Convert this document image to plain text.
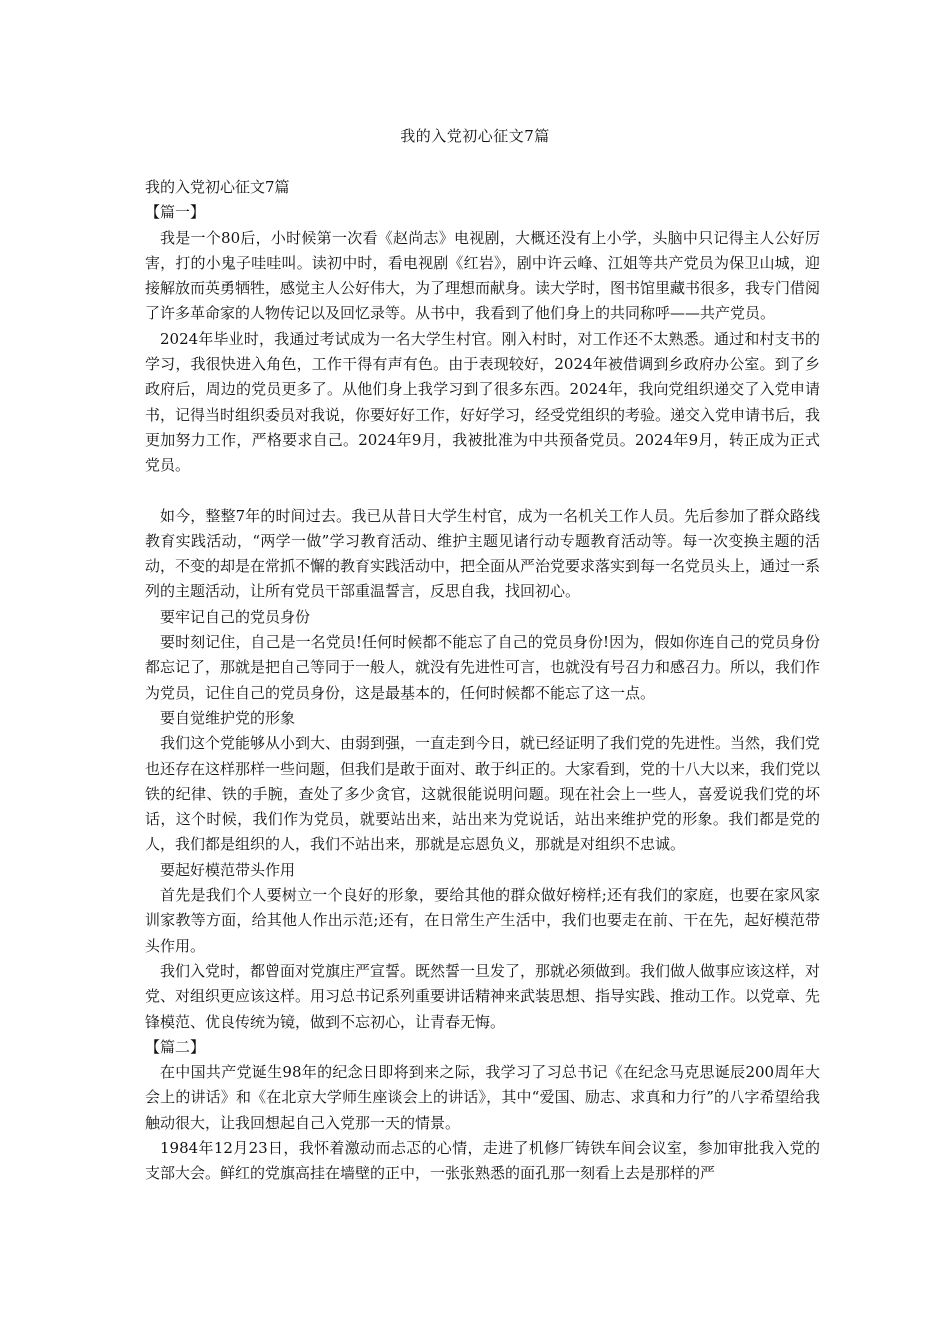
我的入党初心征文7篇

我的入党初心征文7篇

【篇一】

我是一个80后，小时候第一次看《赵尚志》电视剧，大概还没有上小学，头脑中只记得主人公好厉害，打的小鬼子哇哇叫。读初中时，看电视剧《红岩》，剧中许云峰、江姐等共产党员为保卫山城，迎接解放而英勇牺牲，感觉主人公好伟大，为了理想而献身。读大学时，图书馆里藏书很多，我专门借阅了许多革命家的人物传记以及回忆录等。从书中，我看到了他们身上的共同称呼——共产党员。

2024年毕业时，我通过考试成为一名大学生村官。刚入村时，对工作还不太熟悉。通过和村支书的学习，我很快进入角色，工作干得有声有色。由于表现较好，2024年被借调到乡政府办公室。到了乡政府后，周边的党员更多了。从他们身上我学习到了很多东西。2024年，我向党组织递交了入党申请书，记得当时组织委员对我说，你要好好工作，好好学习，经受党组织的考验。递交入党申请书后，我更加努力工作，严格要求自己。2024年9月，我被批准为中共预备党员。2024年9月，转正成为正式党员。

如今，整整7年的时间过去。我已从昔日大学生村官，成为一名机关工作人员。先后参加了群众路线教育实践活动，“两学一做”学习教育活动、维护主题见诸行动专题教育活动等。每一次变换主题的活动，不变的却是在常抓不懈的教育实践活动中，把全面从严治党要求落实到每一名党员头上，通过一系列的主题活动，让所有党员干部重温誓言，反思自我，找回初心。

要牢记自己的党员身份

要时刻记住，自己是一名党员!任何时候都不能忘了自己的党员身份!因为，假如你连自己的党员身份都忘记了，那就是把自己等同于一般人，就没有先进性可言，也就没有号召力和感召力。所以，我们作为党员，记住自己的党员身份，这是最基本的，任何时候都不能忘了这一点。

要自觉维护党的形象

我们这个党能够从小到大、由弱到强，一直走到今日，就已经证明了我们党的先进性。当然，我们党也还存在这样那样一些问题，但我们是敢于面对、敢于纠正的。大家看到，党的十八大以来，我们党以铁的纪律、铁的手腕，查处了多少贪官，这就很能说明问题。现在社会上一些人，喜爱说我们党的坏话，这个时候，我们作为党员，就要站出来，站出来为党说话，站出来维护党的形象。我们都是党的人，我们都是组织的人，我们不站出来，那就是忘恩负义，那就是对组织不忠诚。

要起好模范带头作用

首先是我们个人要树立一个良好的形象，要给其他的群众做好榜样;还有我们的家庭，也要在家风家训家教等方面，给其他人作出示范;还有，在日常生产生活中，我们也要走在前、干在先，起好模范带头作用。

我们入党时，都曾面对党旗庄严宣誓。既然誓一旦发了，那就必须做到。我们做人做事应该这样，对党、对组织更应该这样。用习总书记系列重要讲话精神来武装思想、指导实践、推动工作。以党章、先锋模范、优良传统为镜，做到不忘初心，让青春无悔。

【篇二】

在中国共产党诞生98年的纪念日即将到来之际，我学习了习总书记《在纪念马克思诞辰200周年大会上的讲话》和《在北京大学师生座谈会上的讲话》，其中“爱国、励志、求真和力行”的八字希望给我触动很大，让我回想起自己入党那一天的情景。

1984年12月23日，我怀着激动而忐忑的心情，走进了机修厂铸铁车间会议室，参加审批我入党的支部大会。鲜红的党旗高挂在墙壁的正中，一张张熟悉的面孔那一刻看上去是那样的严
